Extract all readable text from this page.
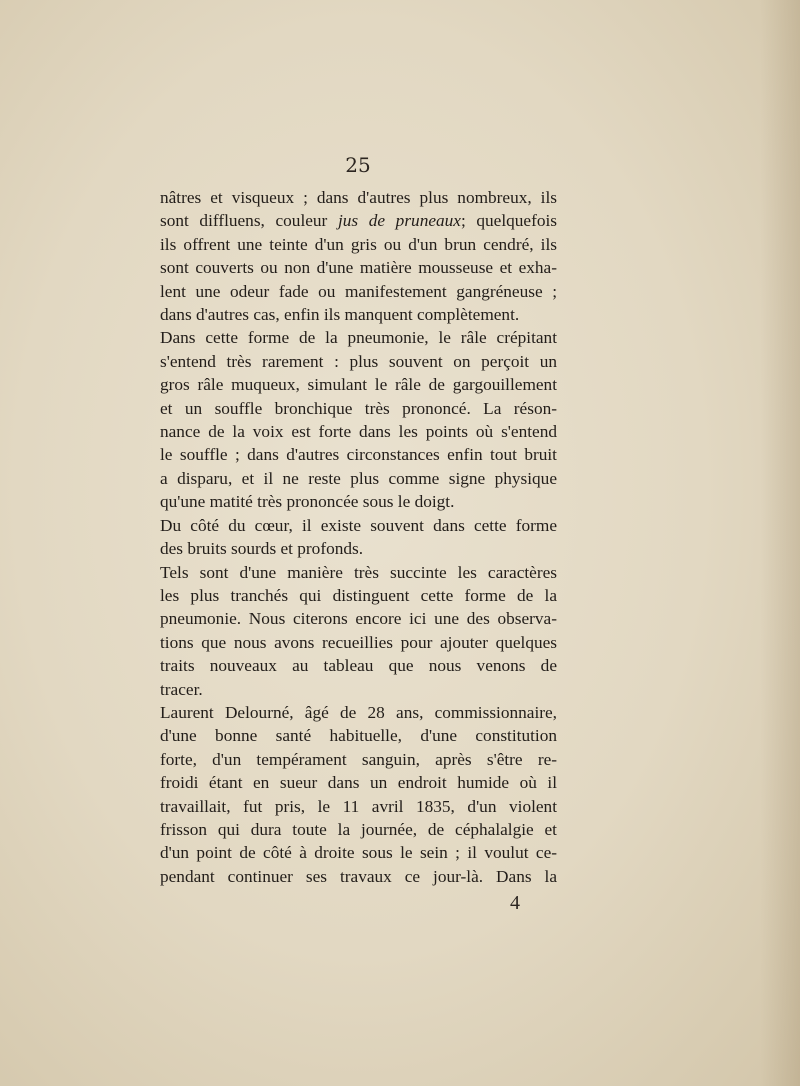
25
nâtres et visqueux ; dans d'autres plus nombreux, ils
sont diffluens, couleur jus de pruneaux; quelquefois
ils offrent une teinte d'un gris ou d'un brun cendré, ils
sont couverts ou non d'une matière mousseuse et exha-
lent une odeur fade ou manifestement gangréneuse ;
dans d'autres cas, enfin ils manquent complètement.
Dans cette forme de la pneumonie, le râle crépitant
s'entend très rarement : plus souvent on perçoit un
gros râle muqueux, simulant le râle de gargouillement
et un souffle bronchique très prononcé. La réson-
nance de la voix est forte dans les points où s'entend
le souffle ; dans d'autres circonstances enfin tout bruit
a disparu, et il ne reste plus comme signe physique
qu'une matité très prononcée sous le doigt.
Du côté du cœur, il existe souvent dans cette forme
des bruits sourds et profonds.
Tels sont d'une manière très succinte les caractères
les plus tranchés qui distinguent cette forme de la
pneumonie. Nous citerons encore ici une des observa-
tions que nous avons recueillies pour ajouter quelques
traits nouveaux au tableau que nous venons de
tracer.
Laurent Delourné, âgé de 28 ans, commissionnaire,
d'une bonne santé habituelle, d'une constitution
forte, d'un tempérament sanguin, après s'être re-
froidi étant en sueur dans un endroit humide où il
travaillait, fut pris, le 11 avril 1835, d'un violent
frisson qui dura toute la journée, de céphalalgie et
d'un point de côté à droite sous le sein ; il voulut ce-
pendant continuer ses travaux ce jour-là. Dans la
4
